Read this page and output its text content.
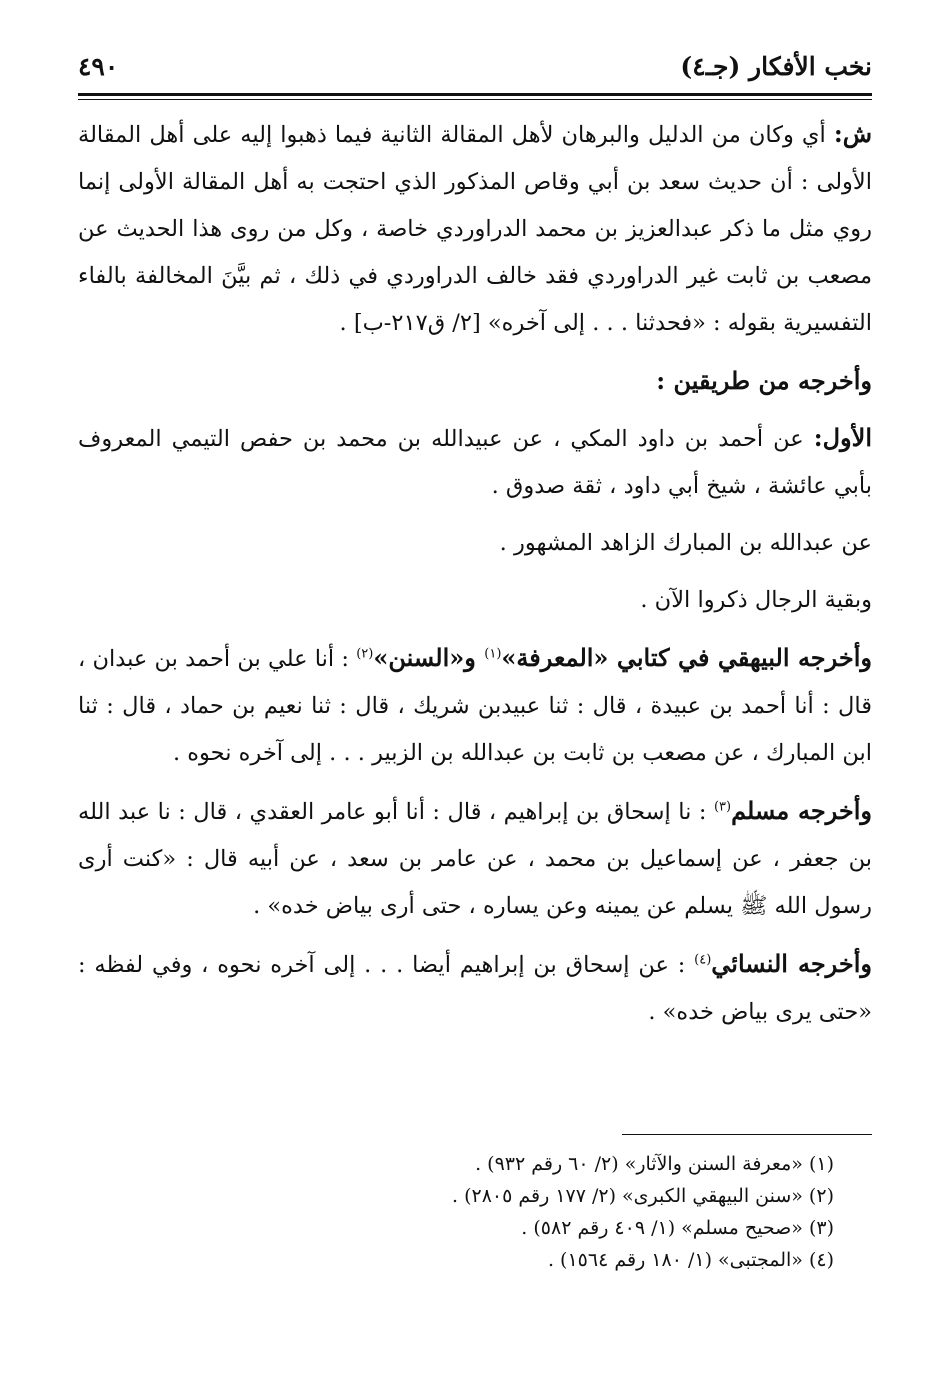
٤٩٠	نخب الأفكار (جـ٤)

ش: أي وكان من الدليل والبرهان لأهل المقالة الثانية فيما ذهبوا إليه على أهل المقالة الأولى : أن حديث سعد بن أبي وقاص المذكور الذي احتجت به أهل المقالة الأولى إنما روي مثل ما ذكر عبدالعزيز بن محمد الدراوردي خاصة ، وكل من روى هذا الحديث عن مصعب بن ثابت غير الدراوردي فقد خالف الدراوردي في ذلك ، ثم بيَّنَ المخالفة بالفاء التفسيرية بقوله : «فحدثنا . . . إلى آخره» [٢/ ق٢١٧-ب] .

وأخرجه من طريقين :

الأول: عن أحمد بن داود المكي ، عن عبيدالله بن محمد بن حفص التيمي المعروف بأبي عائشة ، شيخ أبي داود ، ثقة صدوق .

عن عبدالله بن المبارك الزاهد المشهور .

وبقية الرجال ذكروا الآن .

وأخرجه البيهقي في كتابي «المعرفة»$^{(١)}$ و«السنن»$^{(٢)}$ : أنا علي بن أحمد بن عبدان ، قال : أنا أحمد بن عبيدة ، قال : ثنا عبيدبن شريك ، قال : ثنا نعيم بن حماد ، قال : ثنا ابن المبارك ، عن مصعب بن ثابت بن عبدالله بن الزبير . . . إلى آخره نحوه .

وأخرجه مسلم$^{(٣)}$ : نا إسحاق بن إبراهيم ، قال : أنا أبو عامر العقدي ، قال : نا عبد الله بن جعفر ، عن إسماعيل بن محمد ، عن عامر بن سعد ، عن أبيه قال : «كنت أرى رسول الله ﷺ يسلم عن يمينه وعن يساره ، حتى أرى بياض خده» .

وأخرجه النسائي$^{(٤)}$ : عن إسحاق بن إبراهيم أيضا . . . إلى آخره نحوه ، وفي لفظه : «حتى يرى بياض خده» .

(١) «معرفة السنن والآثار» (٢/ ٦٠ رقم ٩٣٢) .
(٢) «سنن البيهقي الكبرى» (٢/ ١٧٧ رقم ٢٨٠٥) .
(٣) «صحيح مسلم» (١/ ٤٠٩ رقم ٥٨٢) .
(٤) «المجتبى» (١/ ١٨٠ رقم ١٥٦٤) .
